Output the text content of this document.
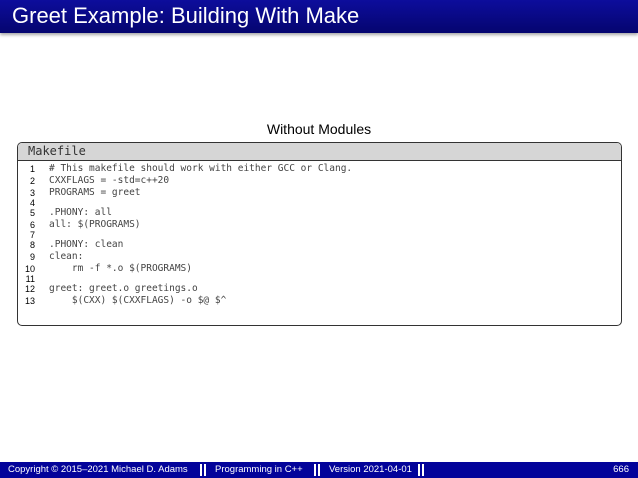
Greet Example: Building With Make
Without Modules
Makefile
1 # This makefile should work with either GCC or Clang.
2 CXXFLAGS = -std=c++20
3 PROGRAMS = greet
4
5 .PHONY: all
6 all: $(PROGRAMS)
7
8 .PHONY: clean
9 clean:
10 rm -f *.o $(PROGRAMS)
11
12 greet: greet.o greetings.o
13 $(CXX) $(CXXFLAGS) -o $@ $^
Copyright © 2015–2021 Michael D. Adams	Programming in C++	Version 2021-04-01	666
